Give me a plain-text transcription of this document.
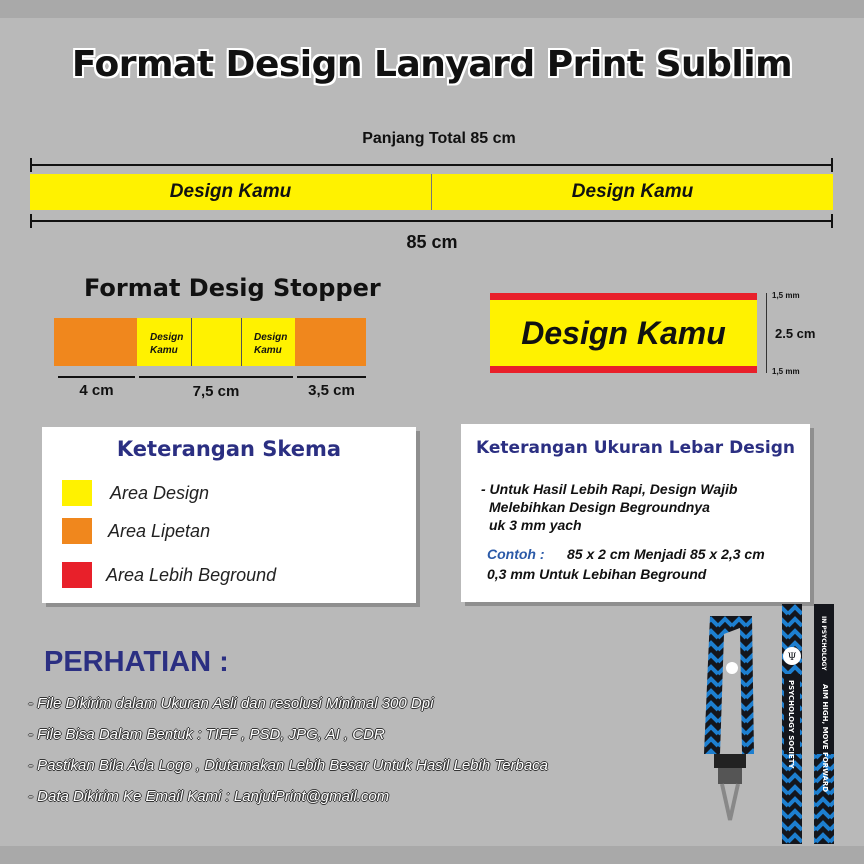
Format Design Lanyard Print Sublim
Panjang Total 85 cm
Design Kamu	Design Kamu
85 cm
Format Desig Stopper
Design Kamu
Design Kamu
4 cm	7,5 cm	3,5 cm
Design Kamu
1,5 mm
2.5 cm
1,5 mm
Keterangan Skema
Area Design
Area Lipetan
Area Lebih Beground
Keterangan Ukuran Lebar Design
- Untuk Hasil Lebih Rapi, Design Wajib
Melebihkan Design Begroundnya
uk 3 mm yach
Contoh : 85 x 2 cm Menjadi 85 x 2,3 cm
0,3 mm Untuk Lebihan Beground
PERHATIAN :
- File Dikirim dalam Ukuran Asli dan resolusi Minimal 300 Dpi
- File Bisa Dalam Bentuk : TIFF , PSD, JPG, AI , CDR
- Pastikan Bila Ada Logo , Diutamakan Lebih Besar Untuk Hasil Lebih Terbaca
- Data Dikirim Ke Email Kami : LanjutPrint@gmail.com
Ψ
PSYCHOLOGY SOCIETY
IN PSYCHOLOGY
AIM HIGH, MOVE FORWARD
